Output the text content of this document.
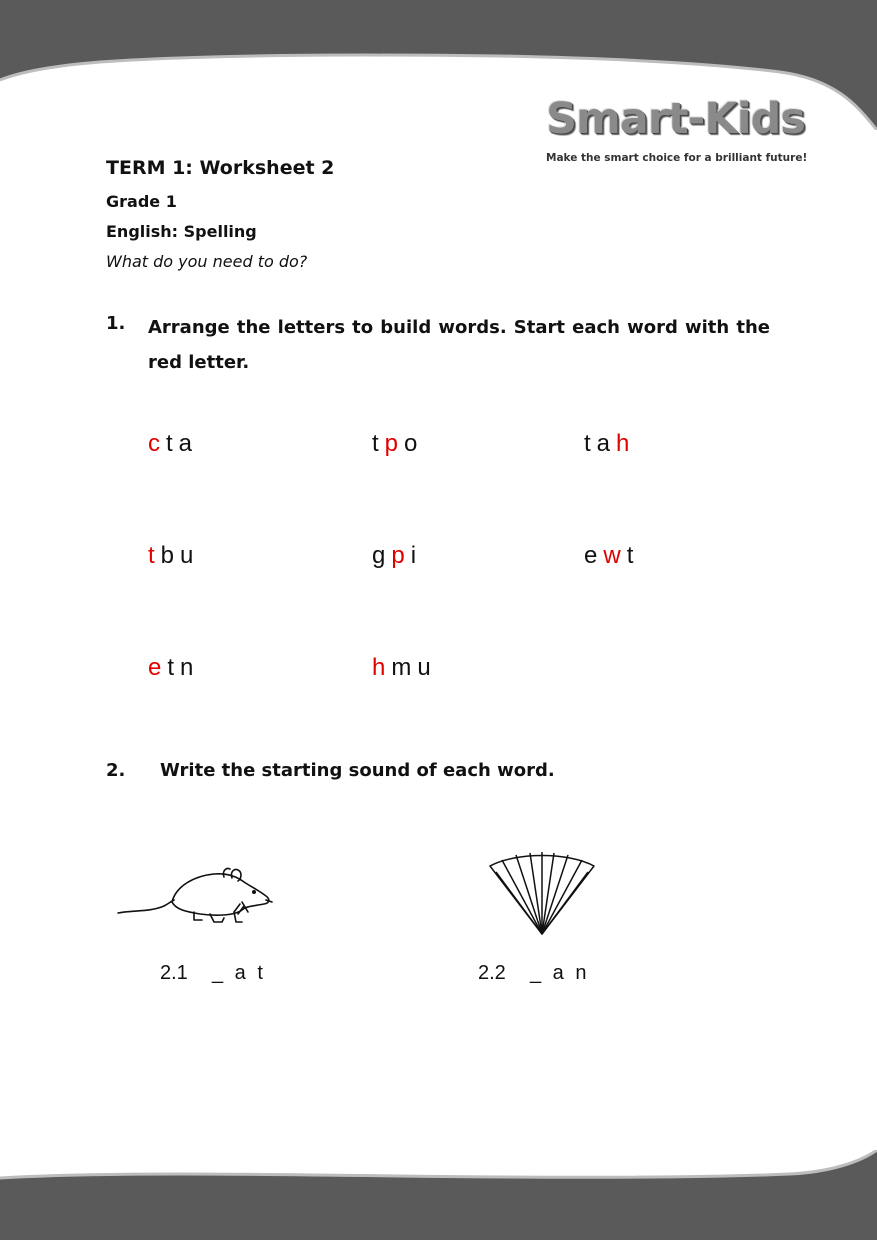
Smart-Kids
Make the smart choice for a brilliant future!
TERM 1: Worksheet 2
Grade 1
English: Spelling
What do you need to do?
1. Arrange the letters to build words. Start each word with the red letter.
c t a	t p o	t a h
t b u	g p i	e w t
e t n	h m u
2. Write the starting sound of each word.
2.1 _ a t	2.2 _ a n
